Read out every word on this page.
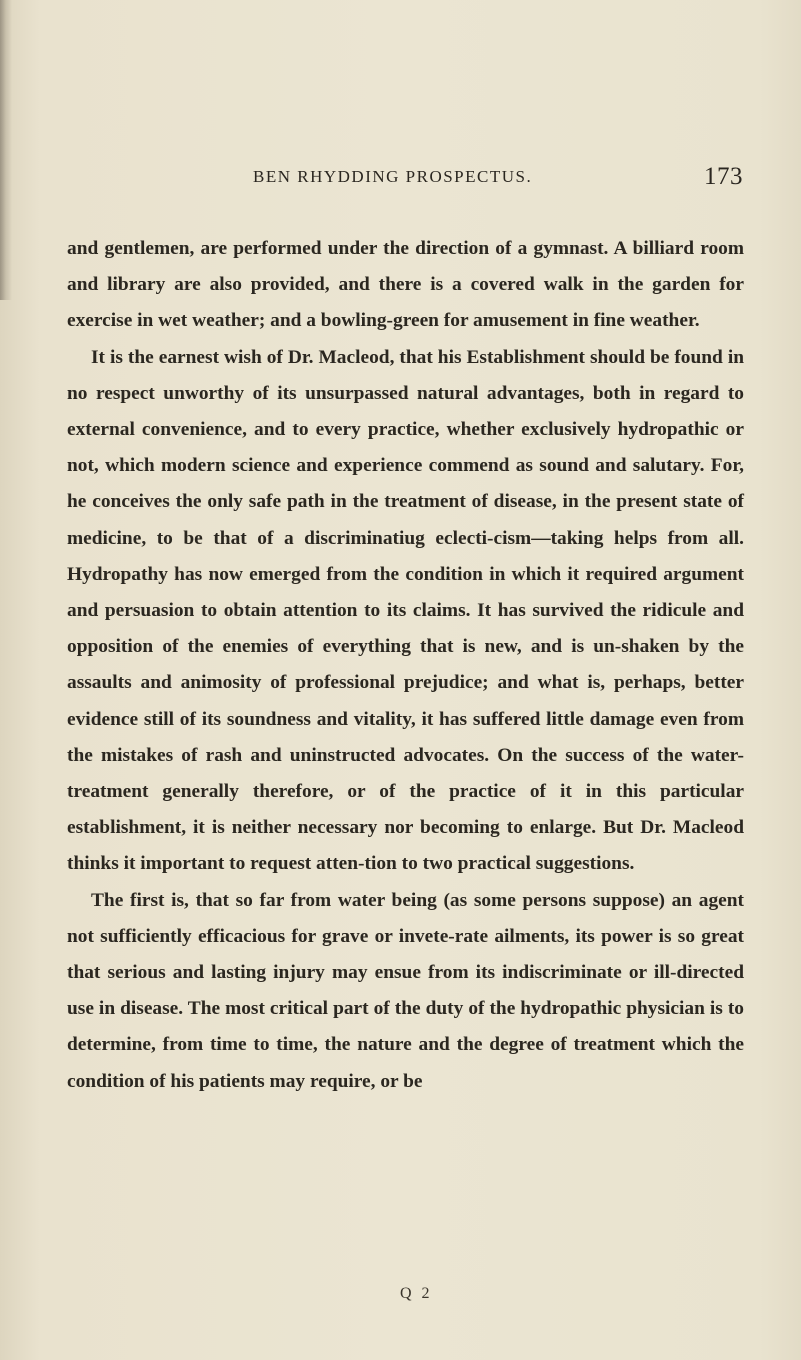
BEN RHYDDING PROSPECTUS.	173

and gentlemen, are performed under the direction of a gymnast. A billiard room and library are also provided, and there is a covered walk in the garden for exercise in wet weather; and a bowling-green for amusement in fine weather.

It is the earnest wish of Dr. Macleod, that his Establishment should be found in no respect unworthy of its unsurpassed natural advantages, both in regard to external convenience, and to every practice, whether exclusively hydropathic or not, which modern science and experience commend as sound and salutary. For, he conceives the only safe path in the treatment of disease, in the present state of medicine, to be that of a discriminatiug eclecti-cism—taking helps from all. Hydropathy has now emerged from the condition in which it required argument and persuasion to obtain attention to its claims. It has survived the ridicule and opposition of the enemies of everything that is new, and is un-shaken by the assaults and animosity of professional prejudice; and what is, perhaps, better evidence still of its soundness and vitality, it has suffered little damage even from the mistakes of rash and uninstructed advocates. On the success of the water-treatment generally therefore, or of the practice of it in this particular establishment, it is neither necessary nor becoming to enlarge. But Dr. Macleod thinks it important to request atten-tion to two practical suggestions.

The first is, that so far from water being (as some persons suppose) an agent not sufficiently efficacious for grave or invete-rate ailments, its power is so great that serious and lasting injury may ensue from its indiscriminate or ill-directed use in disease. The most critical part of the duty of the hydropathic physician is to determine, from time to time, the nature and the degree of treatment which the condition of his patients may require, or be

Q 2
